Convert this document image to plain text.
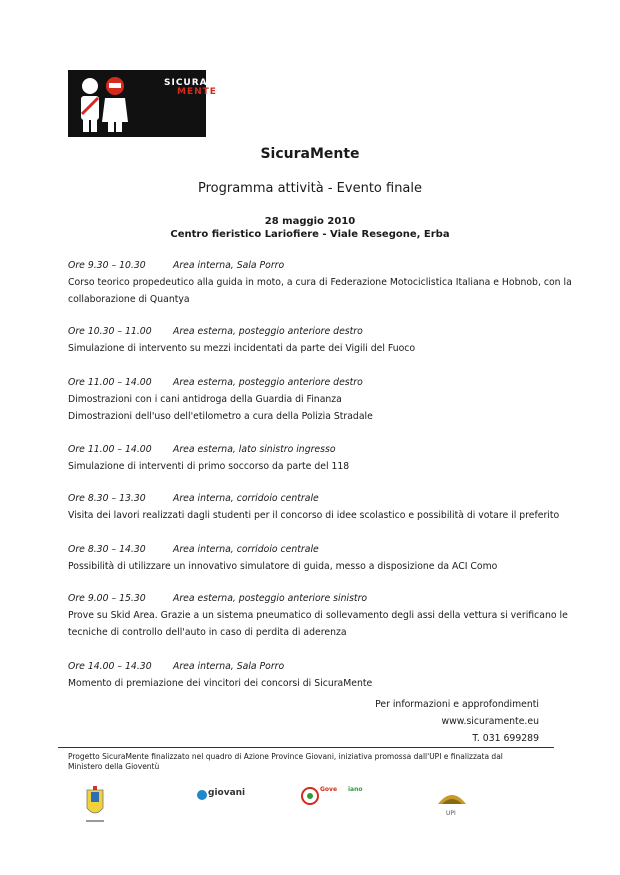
SICURA
MENTE
SicuraMente
Programma attività - Evento finale
28 maggio 2010
Centro fieristico Lariofiere - Viale Resegone, Erba
Ore 9.30 – 10.30	Area interna, Sala Porro
Corso teorico propedeutico alla guida in moto, a cura di Federazione Motociclistica Italiana e Hobnob, con la
collaborazione di Quantya
Ore 10.30 – 11.00 Area esterna, posteggio anteriore destro
Simulazione di intervento su mezzi incidentati da parte dei Vigili del Fuoco
Ore 11.00 – 14.00 Area esterna, posteggio anteriore destro
Dimostrazioni con i cani antidroga della Guardia di Finanza
Dimostrazioni dell'uso dell'etilometro a cura della Polizia Stradale
Ore 11.00 – 14.00 Area esterna, lato sinistro ingresso
Simulazione di interventi di primo soccorso da parte del 118
Ore 8.30 – 13.30	Area interna, corridoio centrale
Visita dei lavori realizzati dagli studenti per il concorso di idee scolastico e possibilità di votare il preferito
Ore 8.30 – 14.30	Area interna, corridoio centrale
Possibilità di utilizzare un innovativo simulatore di guida, messo a disposizione da ACI Como
Ore 9.00 – 15.30	Area esterna, posteggio anteriore sinistro
Prove su Skid Area. Grazie a un sistema pneumatico di sollevamento degli assi della vettura si verificano le
tecniche di controllo dell'auto in caso di perdita di aderenza
Ore 14.00 – 14.30 Area interna, Sala Porro
Momento di premiazione dei vincitori dei concorsi di SicuraMente
Per informazioni e approfondimenti
www.sicuramente.eu
T. 031 699289
Progetto SicuraMente finalizzato nel quadro di Azione Province Giovani, iniziativa promossa dall'UPI e finalizzata dal Ministero della Gioventù
giovani	Gove iano
UPI
